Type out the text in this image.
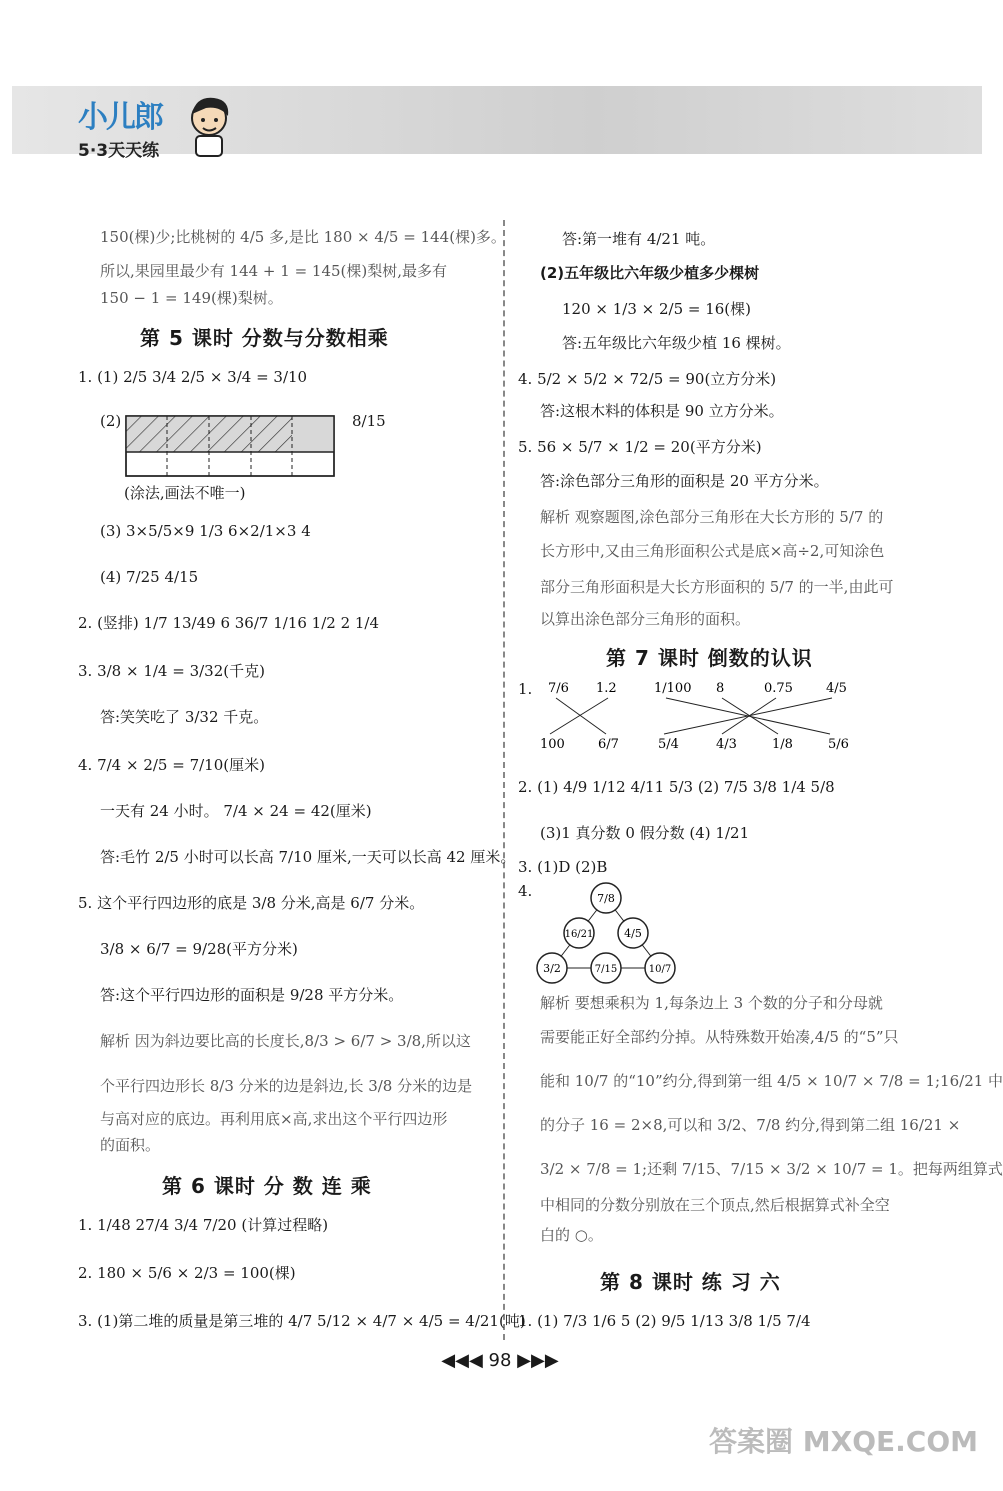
小儿郎
5·3天天练
150(棵)少;比桃树的 4/5 多,是比 180 × 4/5 = 144(棵)多。
所以,果园里最少有 144 + 1 = 145(棵)梨树,最多有
150 − 1 = 149(棵)梨树。
第 5 课时 分数与分数相乘
1. (1) 2/5 3/4 2/5 × 3/4 = 3/10
(2)	8/15
(涂法,画法不唯一)
(3) 3×5/5×9 1/3 6×2/1×3 4
(4) 7/25 4/15
2. (竖排) 1/7 13/49 6 36/7 1/16 1/2 2 1/4
3. 3/8 × 1/4 = 3/32(千克)
答:笑笑吃了 3/32 千克。
4. 7/4 × 2/5 = 7/10(厘米)
一天有 24 小时。 7/4 × 24 = 42(厘米)
答:毛竹 2/5 小时可以长高 7/10 厘米,一天可以长高 42 厘米。
5. 这个平行四边形的底是 3/8 分米,高是 6/7 分米。
3/8 × 6/7 = 9/28(平方分米)
答:这个平行四边形的面积是 9/28 平方分米。
解析 因为斜边要比高的长度长,8/3 > 6/7 > 3/8,所以这
个平行四边形长 8/3 分米的边是斜边,长 3/8 分米的边是
与高对应的底边。再利用底×高,求出这个平行四边形
的面积。
第 6 课时 分 数 连 乘
1. 1/48 27/4 3/4 7/20 (计算过程略)
2. 180 × 5/6 × 2/3 = 100(棵)
3. (1)第二堆的质量是第三堆的 4/7 5/12 × 4/7 × 4/5 = 4/21(吨)
答:第一堆有 4/21 吨。
(2)五年级比六年级少植多少棵树
120 × 1/3 × 2/5 = 16(棵)
答:五年级比六年级少植 16 棵树。
4. 5/2 × 5/2 × 72/5 = 90(立方分米)
答:这根木料的体积是 90 立方分米。
5. 56 × 5/7 × 1/2 = 20(平方分米)
答:涂色部分三角形的面积是 20 平方分米。
解析 观察题图,涂色部分三角形在大长方形的 5/7 的
长方形中,又由三角形面积公式是底×高÷2,可知涂色
部分三角形面积是大长方形面积的 5/7 的一半,由此可
以算出涂色部分三角形的面积。
第 7 课时 倒数的认识
1. 7/6 1.2	1/100 8	0.75	4/5
100	6/7	5/4	4/3	1/8	5/6
2. (1) 4/9 1/12 4/11 5/3 (2) 7/5 3/8 1/4 5/8
(3)1 真分数 0 假分数 (4) 1/21
3. (1)D (2)B
4.	7/8
16/21	4/5
3/2	7/15	10/7
解析 要想乘积为 1,每条边上 3 个数的分子和分母就
需要能正好全部约分掉。从特殊数开始凑,4/5 的“5”只
能和 10/7 的“10”约分,得到第一组 4/5 × 10/7 × 7/8 = 1;16/21 中
的分子 16 = 2×8,可以和 3/2、7/8 约分,得到第二组 16/21 ×
3/2 × 7/8 = 1;还剩 7/15、7/15 × 3/2 × 10/7 = 1。把每两组算式
中相同的分数分别放在三个顶点,然后根据算式补全空
白的 ○。
第 8 课时 练 习 六
1. (1) 7/3 1/6 5 (2) 9/5 1/13 3/8 1/5 7/4
◀◀◀ 98 ▶▶▶
答案圈 MXQE.COM
